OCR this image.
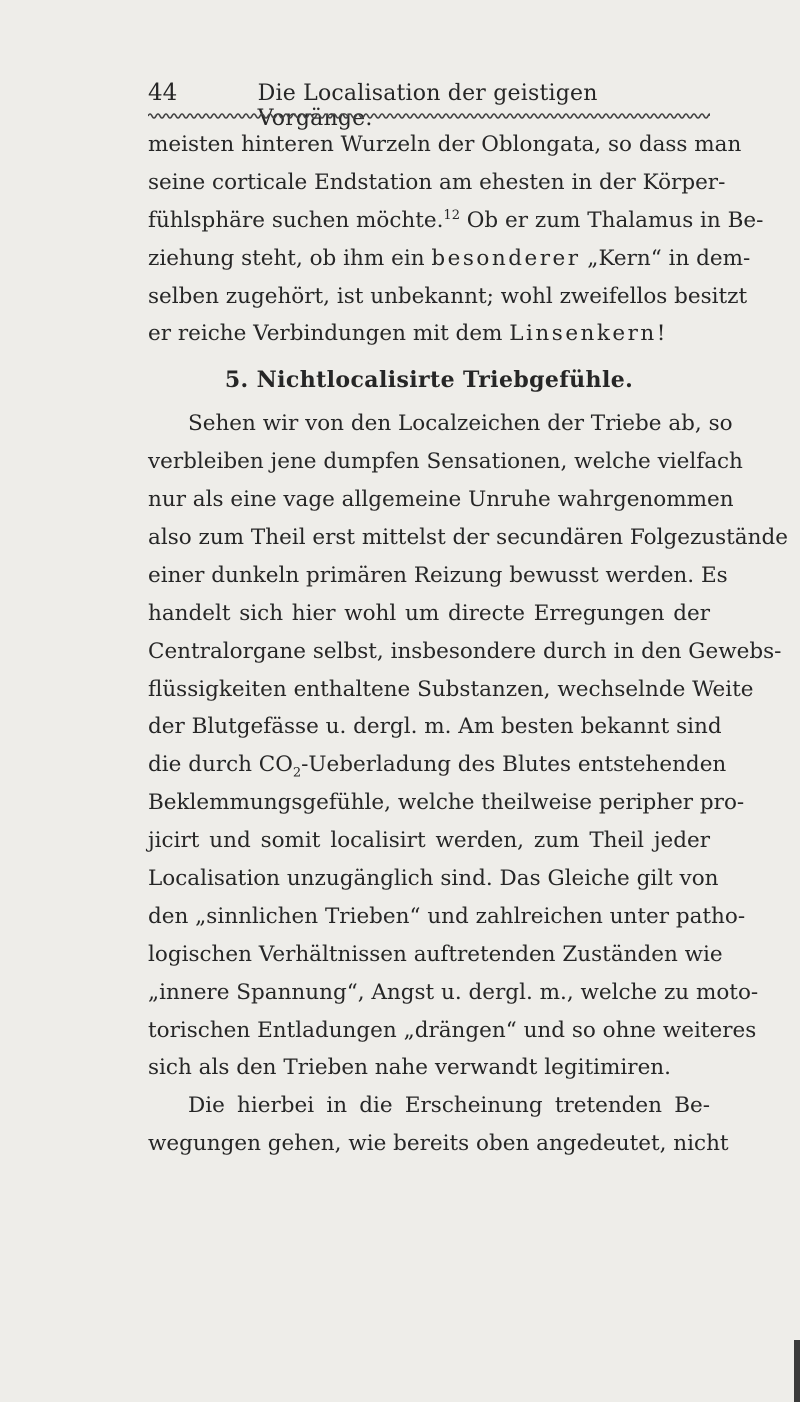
44	Die Localisation der geistigen Vorgänge.
meisten hinteren Wurzeln der Oblongata, so dass man
seine corticale Endstation am ehesten in der Körper-
fühlsphäre suchen möchte.$^{12}$ Ob er zum Thalamus in Be-
ziehung steht, ob ihm ein besonderer „Kern“ in dem-
selben zugehört, ist unbekannt; wohl zweifellos besitzt
er reiche Verbindungen mit dem Linsenkern!
5. Nichtlocalisirte Triebgefühle.
Sehen wir von den Localzeichen der Triebe ab, so
verbleiben jene dumpfen Sensationen, welche vielfach
nur als eine vage allgemeine Unruhe wahrgenommen
also zum Theil erst mittelst der secundären Folgezustände
einer dunkeln primären Reizung bewusst werden. Es
handelt sich hier wohl um directe Erregungen der
Centralorgane selbst, insbesondere durch in den Gewebs-
flüssigkeiten enthaltene Substanzen, wechselnde Weite
der Blutgefässe u. dergl. m. Am besten bekannt sind
die durch $CO_2$-Ueberladung des Blutes entstehenden
Beklemmungsgefühle, welche theilweise peripher pro-
jicirt und somit localisirt werden, zum Theil jeder
Localisation unzugänglich sind. Das Gleiche gilt von
den „sinnlichen Trieben“ und zahlreichen unter patho-
logischen Verhältnissen auftretenden Zuständen wie
„innere Spannung“, Angst u. dergl. m., welche zu moto-
torischen Entladungen „drängen“ und so ohne weiteres
sich als den Trieben nahe verwandt legitimiren.
Die hierbei in die Erscheinung tretenden Be-
wegungen gehen, wie bereits oben angedeutet, nicht
